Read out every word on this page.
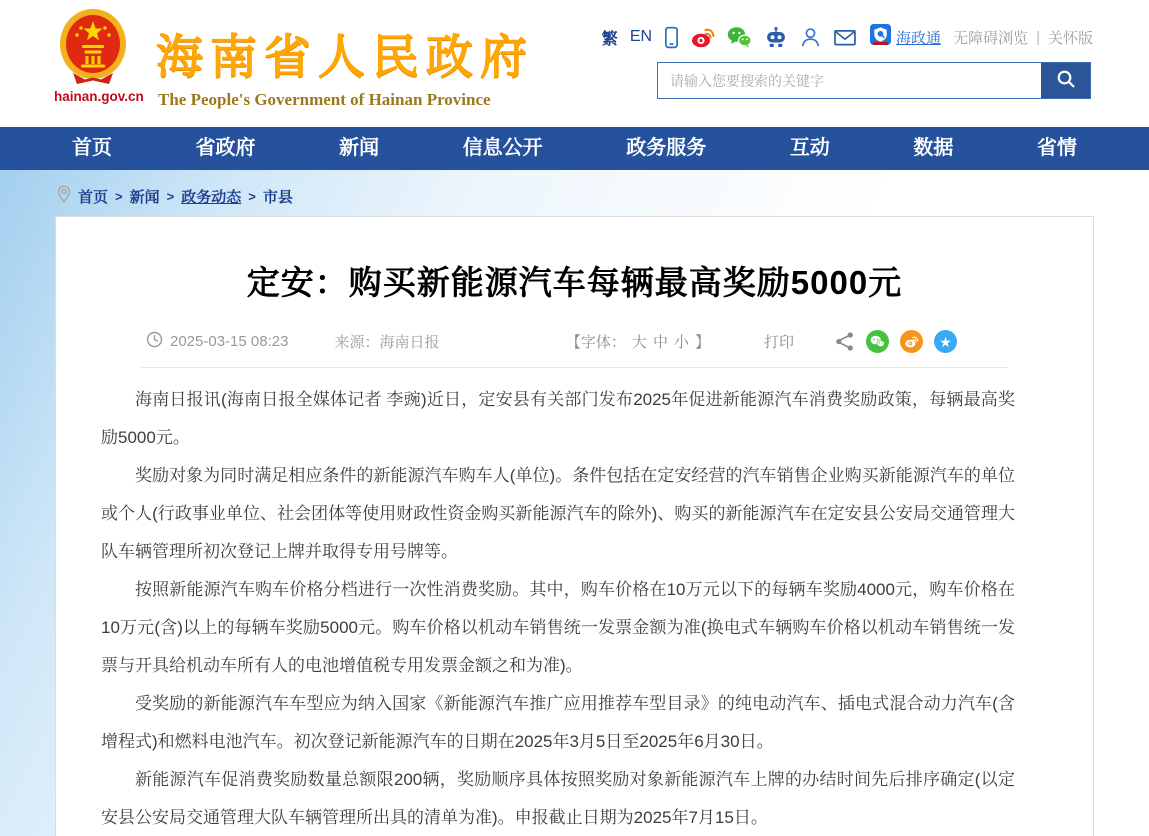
hainan.gov.cn
海南省人民政府
The People's Government of Hainan Province
繁 EN	海政通 无障碍浏览 | 关怀版
请输入您要搜索的关键字
首页	省政府	新闻	信息公开	政务服务	互动	数据	省情
首页 > 新闻 > 政务动态 > 市县
定安：购买新能源汽车每辆最高奖励5000元
2025-03-15 08:23	来源：海南日报	【字体： 大 中 小 】	打印	★

海南日报讯(海南日报全媒体记者 李豌)近日，定安县有关部门发布2025年促进新能源汽车消费奖励政策，每辆最高奖励5000元。

奖励对象为同时满足相应条件的新能源汽车购车人(单位)。条件包括在定安经营的汽车销售企业购买新能源汽车的单位或个人(行政事业单位、社会团体等使用财政性资金购买新能源汽车的除外)、购买的新能源汽车在定安县公安局交通管理大队车辆管理所初次登记上牌并取得专用号牌等。

按照新能源汽车购车价格分档进行一次性消费奖励。其中，购车价格在10万元以下的每辆车奖励4000元，购车价格在10万元(含)以上的每辆车奖励5000元。购车价格以机动车销售统一发票金额为准(换电式车辆购车价格以机动车销售统一发票与开具给机动车所有人的电池增值税专用发票金额之和为准)。

受奖励的新能源汽车车型应为纳入国家《新能源汽车推广应用推荐车型目录》的纯电动汽车、插电式混合动力汽车(含增程式)和燃料电池汽车。初次登记新能源汽车的日期在2025年3月5日至2025年6月30日。

新能源汽车促消费奖励数量总额限200辆，奖励顺序具体按照奖励对象新能源汽车上牌的办结时间先后排序确定(以定安县公安局交通管理大队车辆管理所出具的清单为准)。申报截止日期为2025年7月15日。
